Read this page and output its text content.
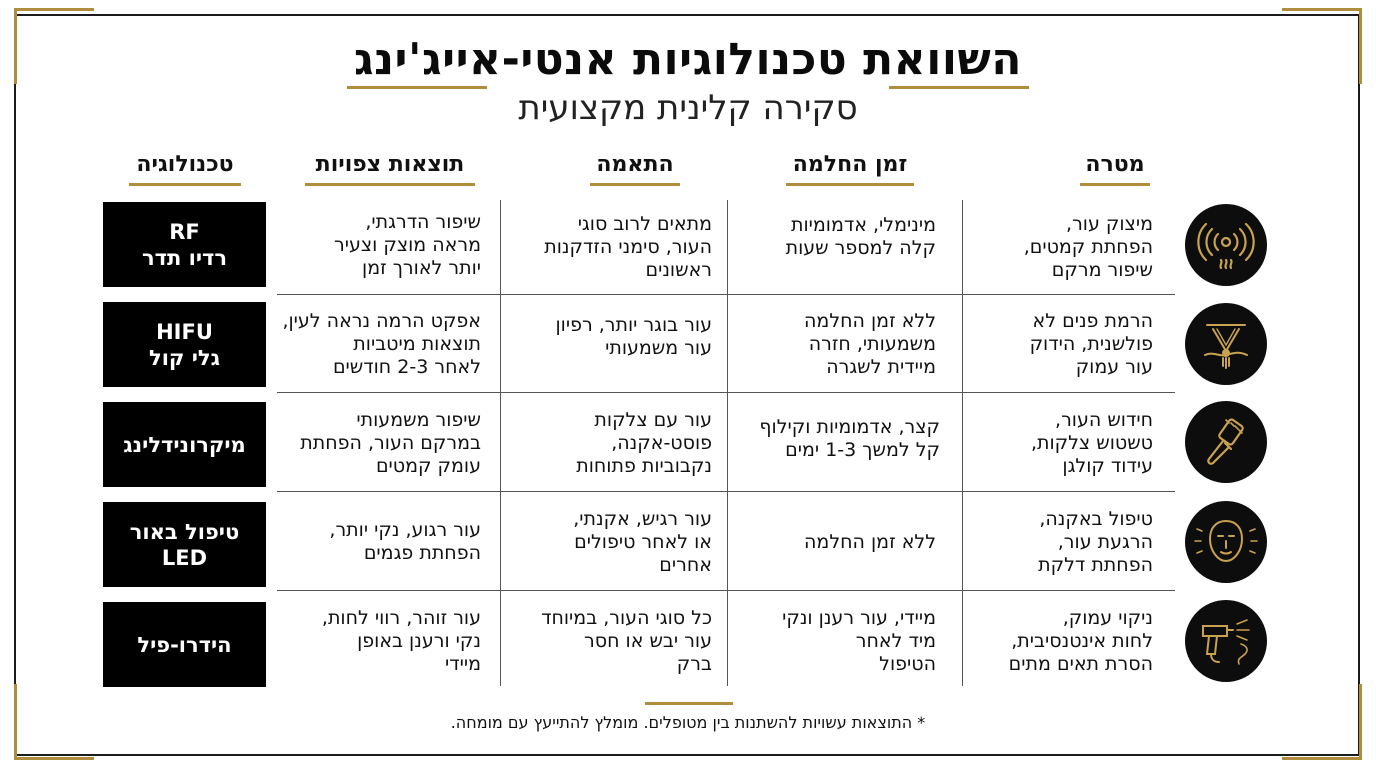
השוואת טכנולוגיות אנטי-אייג'ינג
סקירה קלינית מקצועית
מטרה
זמן החלמה
התאמה
תוצאות צפויות
טכנולוגיה
מיצוק עור,
הפחתת קמטים,
שיפור מרקם
מינימלי, אדמומיות
קלה למספר שעות
מתאים לרוב סוגי
העור, סימני הזדקנות
ראשונים
שיפור הדרגתי,
מראה מוצק וצעיר
יותר לאורך זמן
RF
רדיו תדר
הרמת פנים לא
פולשנית, הידוק
עור עמוק
ללא זמן החלמה
משמעותי, חזרה
מיידית לשגרה
עור בוגר יותר, רפיון
עור משמעותי
אפקט הרמה נראה לעין,
תוצאות מיטביות
לאחר 2-3 חודשים
HIFU
גלי קול
חידוש העור,
טשטוש צלקות,
עידוד קולגן
קצר, אדמומיות וקילוף
קל למשך 1-3 ימים
עור עם צלקות
פוסט-אקנה,
נקבוביות פתוחות
שיפור משמעותי
במרקם העור, הפחתת
עומק קמטים
מיקרונידלינג
טיפול באקנה,
הרגעת עור,
הפחתת דלקת
ללא זמן החלמה
עור רגיש, אקנתי,
או לאחר טיפולים
אחרים
עור רגוע, נקי יותר,
הפחתת פגמים
טיפול באור
LED
ניקוי עמוק,
לחות אינטנסיבית,
הסרת תאים מתים
מיידי, עור רענן ונקי
מיד לאחר
הטיפול
כל סוגי העור, במיוחד
עור יבש או חסר
ברק
עור זוהר, רווי לחות,
נקי ורענן באופן
מיידי
הידרו-פיל
* התוצאות עשויות להשתנות בין מטופלים. מומלץ להתייעץ עם מומחה.
